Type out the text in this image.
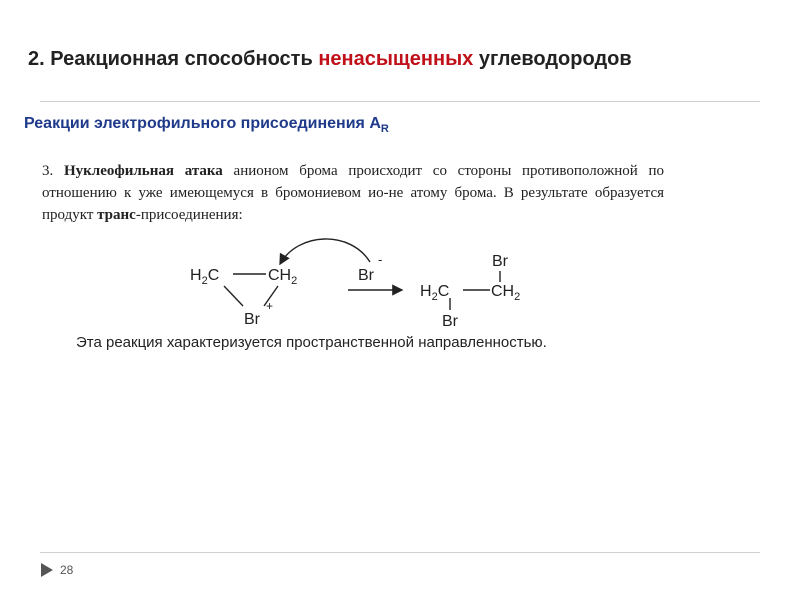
2. Реакционная способность ненасыщенных углеводородов
Реакции электрофильного присоединения $A_R$
3. Нуклеофильная атака анионом брома происходит со стороны противоположной по отношению к уже имеющемуся в бромониевом ио-не атому брома. В результате образуется продукт транс-присоединения:
$H_2C$	$CH_2$
Br
+
Br
-	Br
$H_2C$	$CH_2$
Br
Эта реакция характеризуется пространственной направленностью.
28
